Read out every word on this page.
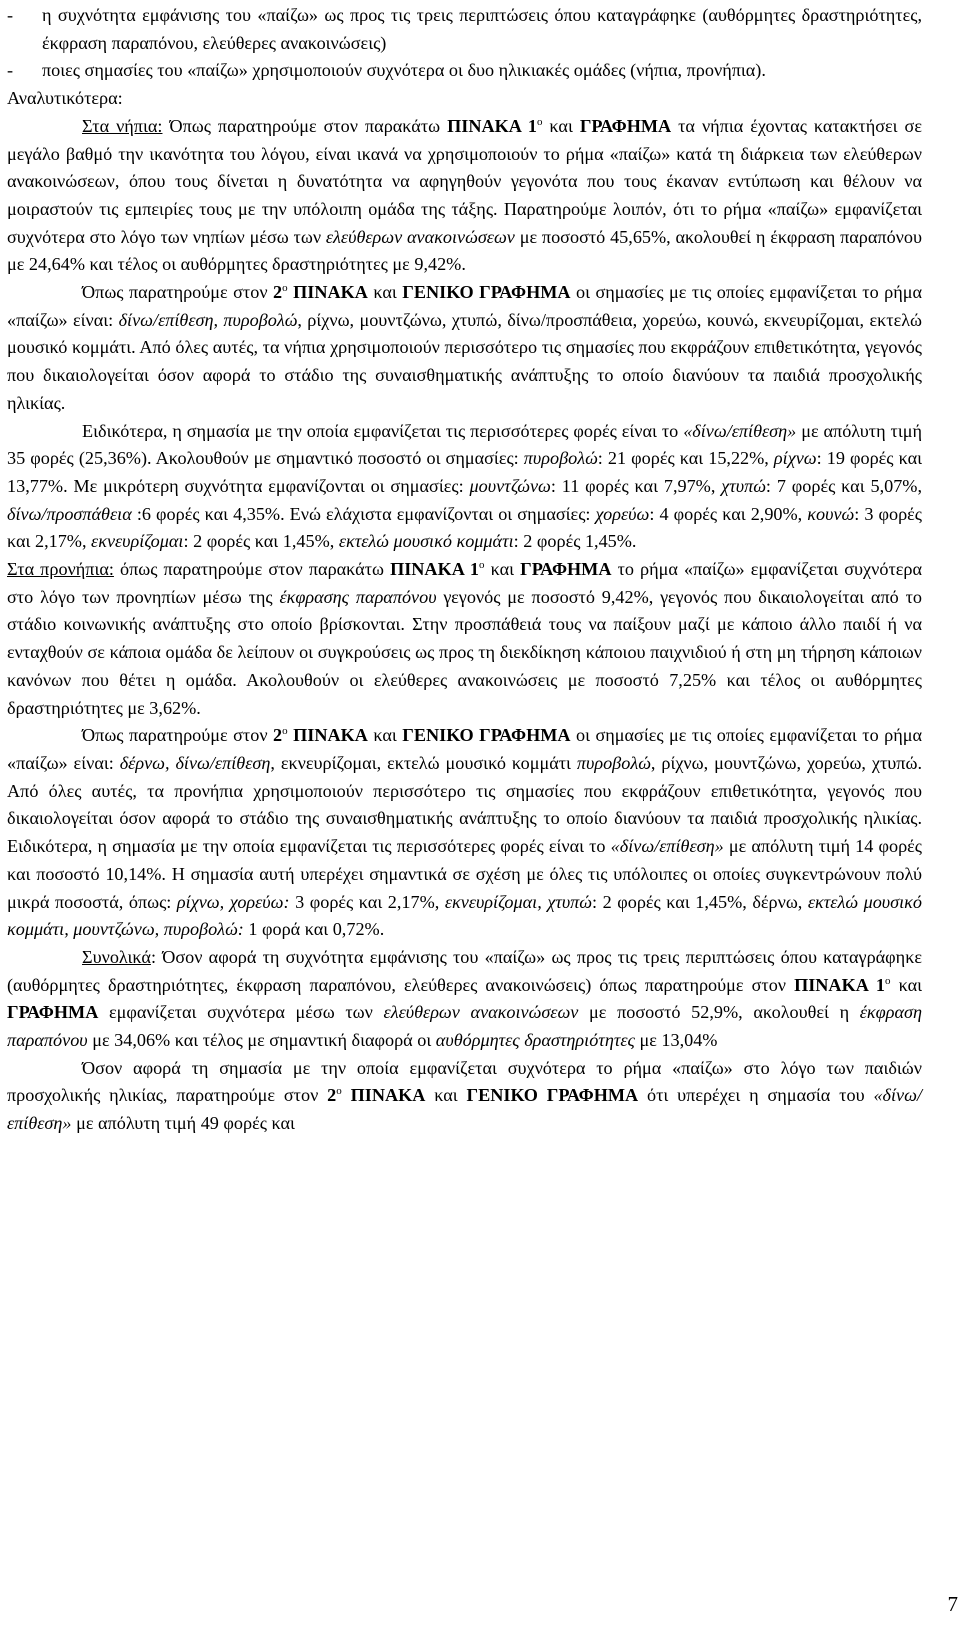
- η συχνότητα εμφάνισης του «παίζω» ως προς τις τρεις περιπτώσεις όπου καταγράφηκε (αυθόρμητες δραστηριότητες, έκφραση παραπόνου, ελεύθερες ανακοινώσεις)
- ποιες σημασίες του «παίζω» χρησιμοποιούν συχνότερα οι δυο ηλικιακές ομάδες (νήπια, προνήπια).

Αναλυτικότερα:

Στα νήπια: Όπως παρατηρούμε στον παρακάτω ΠΙΝΑΚΑ $1^o$ και ΓΡΑΦΗΜΑ τα νήπια έχοντας κατακτήσει σε μεγάλο βαθμό την ικανότητα του λόγου, είναι ικανά να χρησιμοποιούν το ρήμα «παίζω» κατά τη διάρκεια των ελεύθερων ανακοινώσεων, όπου τους δίνεται η δυνατότητα να αφηγηθούν γεγονότα που τους έκαναν εντύπωση και θέλουν να μοιραστούν τις εμπειρίες τους με την υπόλοιπη ομάδα της τάξης. Παρατηρούμε λοιπόν, ότι το ρήμα «παίζω» εμφανίζεται συχνότερα στο λόγο των νηπίων μέσω των ελεύθερων ανακοινώσεων με ποσοστό 45,65%, ακολουθεί η έκφραση παραπόνου με 24,64% και τέλος οι αυθόρμητες δραστηριότητες με 9,42%.

Όπως παρατηρούμε στον $2^o$ ΠΙΝΑΚΑ και ΓΕΝΙΚΟ ΓΡΑΦΗΜΑ οι σημασίες με τις οποίες εμφανίζεται το ρήμα «παίζω» είναι: δίνω/επίθεση, πυροβολώ, ρίχνω, μουντζώνω, χτυπώ, δίνω/προσπάθεια, χορεύω, κουνώ, εκνευρίζομαι, εκτελώ μουσικό κομμάτι. Από όλες αυτές, τα νήπια χρησιμοποιούν περισσότερο τις σημασίες που εκφράζουν επιθετικότητα, γεγονός που δικαιολογείται όσον αφορά το στάδιο της συναισθηματικής ανάπτυξης το οποίο διανύουν τα παιδιά προσχολικής ηλικίας.

Ειδικότερα, η σημασία με την οποία εμφανίζεται τις περισσότερες φορές είναι το «δίνω/επίθεση» με απόλυτη τιμή 35 φορές (25,36%). Ακολουθούν με σημαντικό ποσοστό οι σημασίες: πυροβολώ: 21 φορές και 15,22%, ρίχνω: 19 φορές και 13,77%. Με μικρότερη συχνότητα εμφανίζονται οι σημασίες: μουντζώνω: 11 φορές και 7,97%, χτυπώ: 7 φορές και 5,07%, δίνω/προσπάθεια :6 φορές και 4,35%. Ενώ ελάχιστα εμφανίζονται οι σημασίες: χορεύω: 4 φορές και 2,90%, κουνώ: 3 φορές και 2,17%, εκνευρίζομαι: 2 φορές και 1,45%, εκτελώ μουσικό κομμάτι: 2 φορές 1,45%.

Στα προνήπια: όπως παρατηρούμε στον παρακάτω ΠΙΝΑΚΑ $1^o$ και ΓΡΑΦΗΜΑ το ρήμα «παίζω» εμφανίζεται συχνότερα στο λόγο των προνηπίων μέσω της έκφρασης παραπόνου γεγονός με ποσοστό 9,42%, γεγονός που δικαιολογείται από το στάδιο κοινωνικής ανάπτυξης στο οποίο βρίσκονται. Στην προσπάθειά τους να παίξουν μαζί με κάποιο άλλο παιδί ή να ενταχθούν σε κάποια ομάδα δε λείπουν οι συγκρούσεις ως προς τη διεκδίκηση κάποιου παιχνιδιού ή στη μη τήρηση κάποιων κανόνων που θέτει η ομάδα. Ακολουθούν οι ελεύθερες ανακοινώσεις με ποσοστό 7,25% και τέλος οι αυθόρμητες δραστηριότητες με 3,62%.

Όπως παρατηρούμε στον $2^o$ ΠΙΝΑΚΑ και ΓΕΝΙΚΟ ΓΡΑΦΗΜΑ οι σημασίες με τις οποίες εμφανίζεται το ρήμα «παίζω» είναι: δέρνω, δίνω/επίθεση, εκνευρίζομαι, εκτελώ μουσικό κομμάτι πυροβολώ, ρίχνω, μουντζώνω, χορεύω, χτυπώ. Από όλες αυτές, τα προνήπια χρησιμοποιούν περισσότερο τις σημασίες που εκφράζουν επιθετικότητα, γεγονός που δικαιολογείται όσον αφορά το στάδιο της συναισθηματικής ανάπτυξης το οποίο διανύουν τα παιδιά προσχολικής ηλικίας. Ειδικότερα, η σημασία με την οποία εμφανίζεται τις περισσότερες φορές είναι το «δίνω/επίθεση» με απόλυτη τιμή 14 φορές και ποσοστό 10,14%. Η σημασία αυτή υπερέχει σημαντικά σε σχέση με όλες τις υπόλοιπες οι οποίες συγκεντρώνουν πολύ μικρά ποσοστά, όπως: ρίχνω, χορεύω: 3 φορές και 2,17%, εκνευρίζομαι, χτυπώ: 2 φορές και 1,45%, δέρνω, εκτελώ μουσικό κομμάτι, μουντζώνω, πυροβολώ: 1 φορά και 0,72%.

Συνολικά: Όσον αφορά τη συχνότητα εμφάνισης του «παίζω» ως προς τις τρεις περιπτώσεις όπου καταγράφηκε (αυθόρμητες δραστηριότητες, έκφραση παραπόνου, ελεύθερες ανακοινώσεις) όπως παρατηρούμε στον ΠΙΝΑΚΑ $1^o$ και ΓΡΑΦΗΜΑ εμφανίζεται συχνότερα μέσω των ελεύθερων ανακοινώσεων με ποσοστό 52,9%, ακολουθεί η έκφραση παραπόνου με 34,06% και τέλος με σημαντική διαφορά οι αυθόρμητες δραστηριότητες με 13,04%

Όσον αφορά τη σημασία με την οποία εμφανίζεται συχνότερα το ρήμα «παίζω» στο λόγο των παιδιών προσχολικής ηλικίας, παρατηρούμε στον $2^o$ ΠΙΝΑΚΑ και ΓΕΝΙΚΟ ΓΡΑΦΗΜΑ ότι υπερέχει η σημασία του «δίνω/επίθεση» με απόλυτη τιμή 49 φορές και

7
